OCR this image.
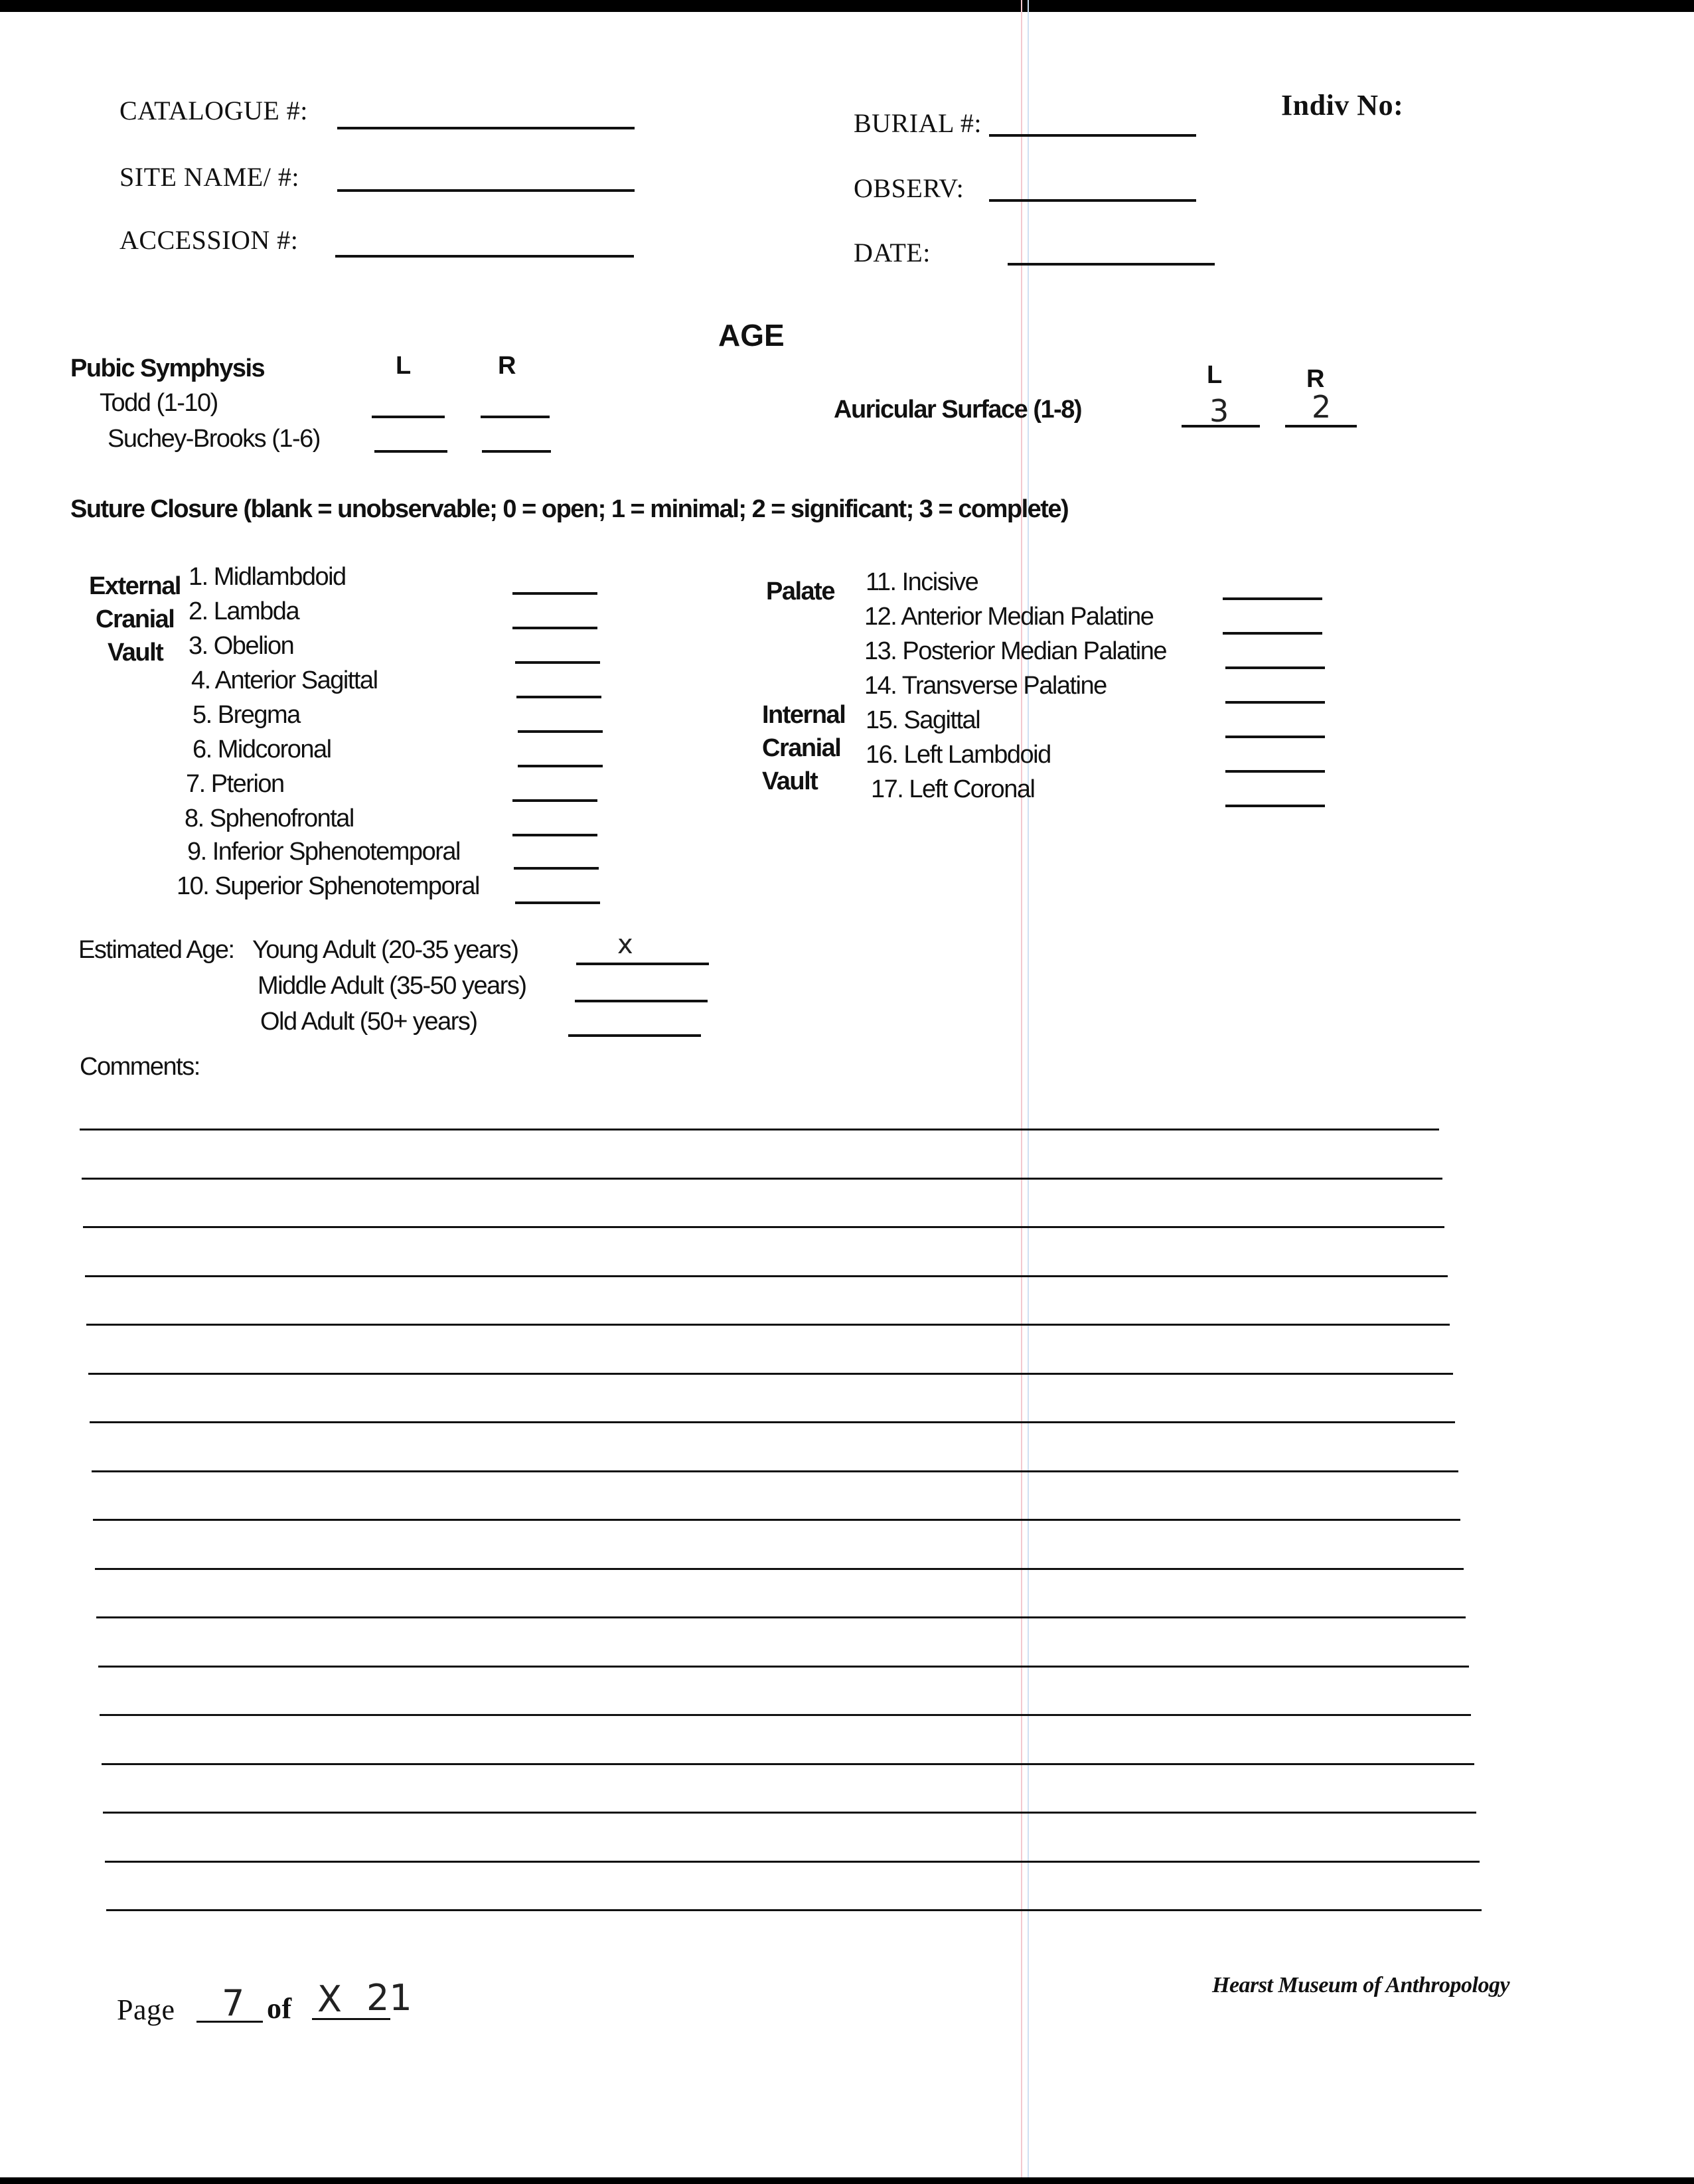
CATALOGUE #:
SITE NAME/ #:
ACCESSION #:
BURIAL #:
OBSERV:
DATE:
Indiv No:
AGE
Pubic Symphysis	L	R
Todd (1-10)
Suchey-Brooks (1-6)
L	R
Auricular Surface (1-8)	3	2
Suture Closure (blank = unobservable; 0 = open; 1 = minimal; 2 = significant; 3 = complete)
External
Cranial
Vault
1. Midlambdoid
2. Lambda
3. Obelion
4. Anterior Sagittal
5. Bregma
6. Midcoronal
7. Pterion
8. Sphenofrontal
9. Inferior Sphenotemporal
10. Superior Sphenotemporal
Palate
Internal
Cranial
Vault
11. Incisive
12. Anterior Median Palatine
13. Posterior Median Palatine
14. Transverse Palatine
15. Sagittal
16. Left Lambdoid
17. Left Coronal
Estimated Age: Young Adult (20-35 years)	x
Middle Adult (35-50 years)
Old Adult (50+ years)
Comments:
Page 7 of X 21	Hearst Museum of Anthropology
